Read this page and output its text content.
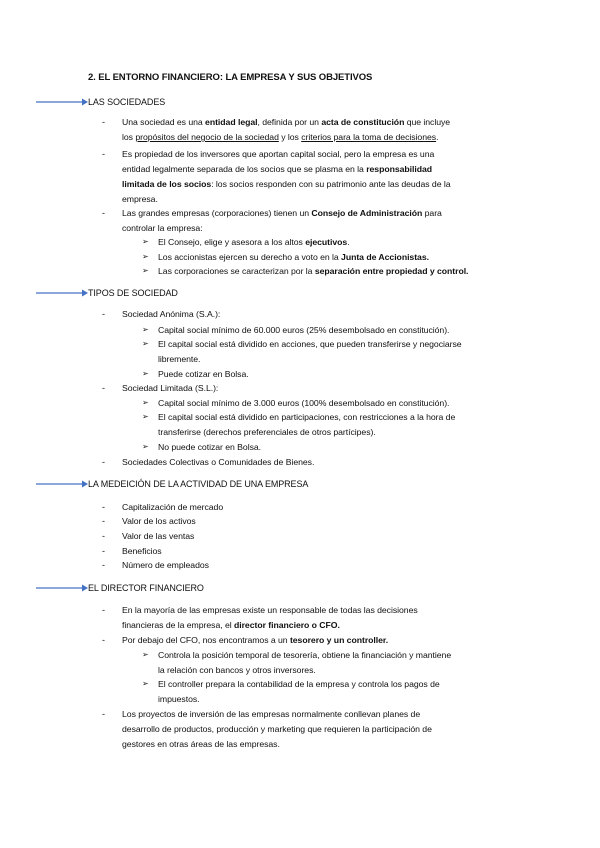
2. EL ENTORNO FINANCIERO: LA EMPRESA Y SUS OBJETIVOS
LAS SOCIEDADES
-	Una sociedad es una entidad legal, definida por un acta de constitución que incluye
los propósitos del negocio de la sociedad y los criterios para la toma de decisiones.
-	Es propiedad de los inversores que aportan capital social, pero la empresa es una
entidad legalmente separada de los socios que se plasma en la responsabilidad
limitada de los socios: los socios responden con su patrimonio ante las deudas de la
empresa.
-	Las grandes empresas (corporaciones) tienen un Consejo de Administración para
controlar la empresa:
➢	El Consejo, elige y asesora a los altos ejecutivos.
➢	Los accionistas ejercen su derecho a voto en la Junta de Accionistas.
➢	Las corporaciones se caracterizan por la separación entre propiedad y control.
TIPOS DE SOCIEDAD
-	Sociedad Anónima (S.A.):
➢	Capital social mínimo de 60.000 euros (25% desembolsado en constitución).
➢	El capital social está dividido en acciones, que pueden transferirse y negociarse
libremente.
➢	Puede cotizar en Bolsa.
-	Sociedad Limitada (S.L.):
➢	Capital social mínimo de 3.000 euros (100% desembolsado en constitución).
➢	El capital social está dividido en participaciones, con restricciones a la hora de
transferirse (derechos preferenciales de otros partícipes).
➢	No puede cotizar en Bolsa.
-	Sociedades Colectivas o Comunidades de Bienes.
LA MEDEICIÓN DE LA ACTIVIDAD DE UNA EMPRESA
-	Capitalización de mercado
-	Valor de los activos
-	Valor de las ventas
-	Beneficios
-	Número de empleados
EL DIRECTOR FINANCIERO
-	En la mayoría de las empresas existe un responsable de todas las decisiones
financieras de la empresa, el director financiero o CFO.
-	Por debajo del CFO, nos encontramos a un tesorero y un controller.
➢	Controla la posición temporal de tesorería, obtiene la financiación y mantiene
la relación con bancos y otros inversores.
➢	El controller prepara la contabilidad de la empresa y controla los pagos de
impuestos.
-	Los proyectos de inversión de las empresas normalmente conllevan planes de
desarrollo de productos, producción y marketing que requieren la participación de
gestores en otras áreas de las empresas.
